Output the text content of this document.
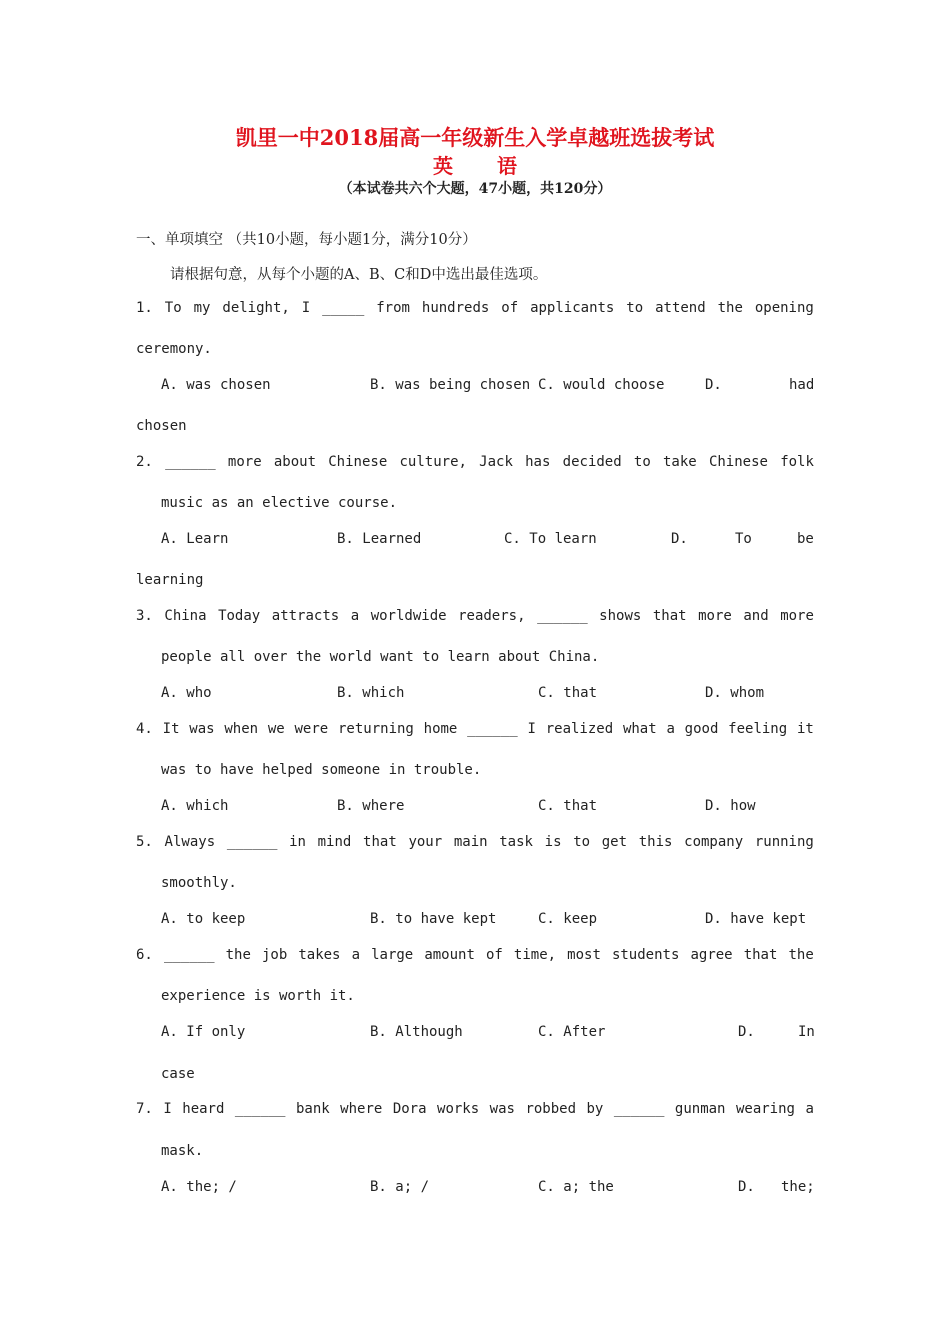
凯里一中2018届高一年级新生入学卓越班选拔考试
英 语
（本试卷共六个大题，47小题，共120分）
一、单项填空 （共10小题，每小题1分，满分10分）
请根据句意，从每个小题的A、B、C和D中选出最佳选项。
1. To my delight, I _____ from hundreds of applicants to attend the opening
ceremony.
A. was chosen	B. was being chosen C. would choose	D.	had
chosen
2. ______ more about Chinese culture, Jack has decided to take Chinese folk
music as an elective course.
A. Learn	B. Learned	C. To learn	D.	To	be
learning
3. China Today attracts a worldwide readers, ______ shows that more and more
people all over the world want to learn about China.
A. who	B. which	C. that	D. whom
4. It was when we were returning home ______ I realized what a good feeling it
was to have helped someone in trouble.
A. which	B. where	C. that	D. how
5. Always ______ in mind that your main task is to get this company running
smoothly.
A. to keep	B. to have kept	C. keep	D. have kept
6. ______ the job takes a large amount of time, most students agree that the
experience is worth it.
A. If only	B. Although	C. After	D.	In
case
7. I heard ______ bank where Dora works was robbed by ______ gunman wearing a
mask.
A. the; /	B. a; /	C. a; the	D. the;
